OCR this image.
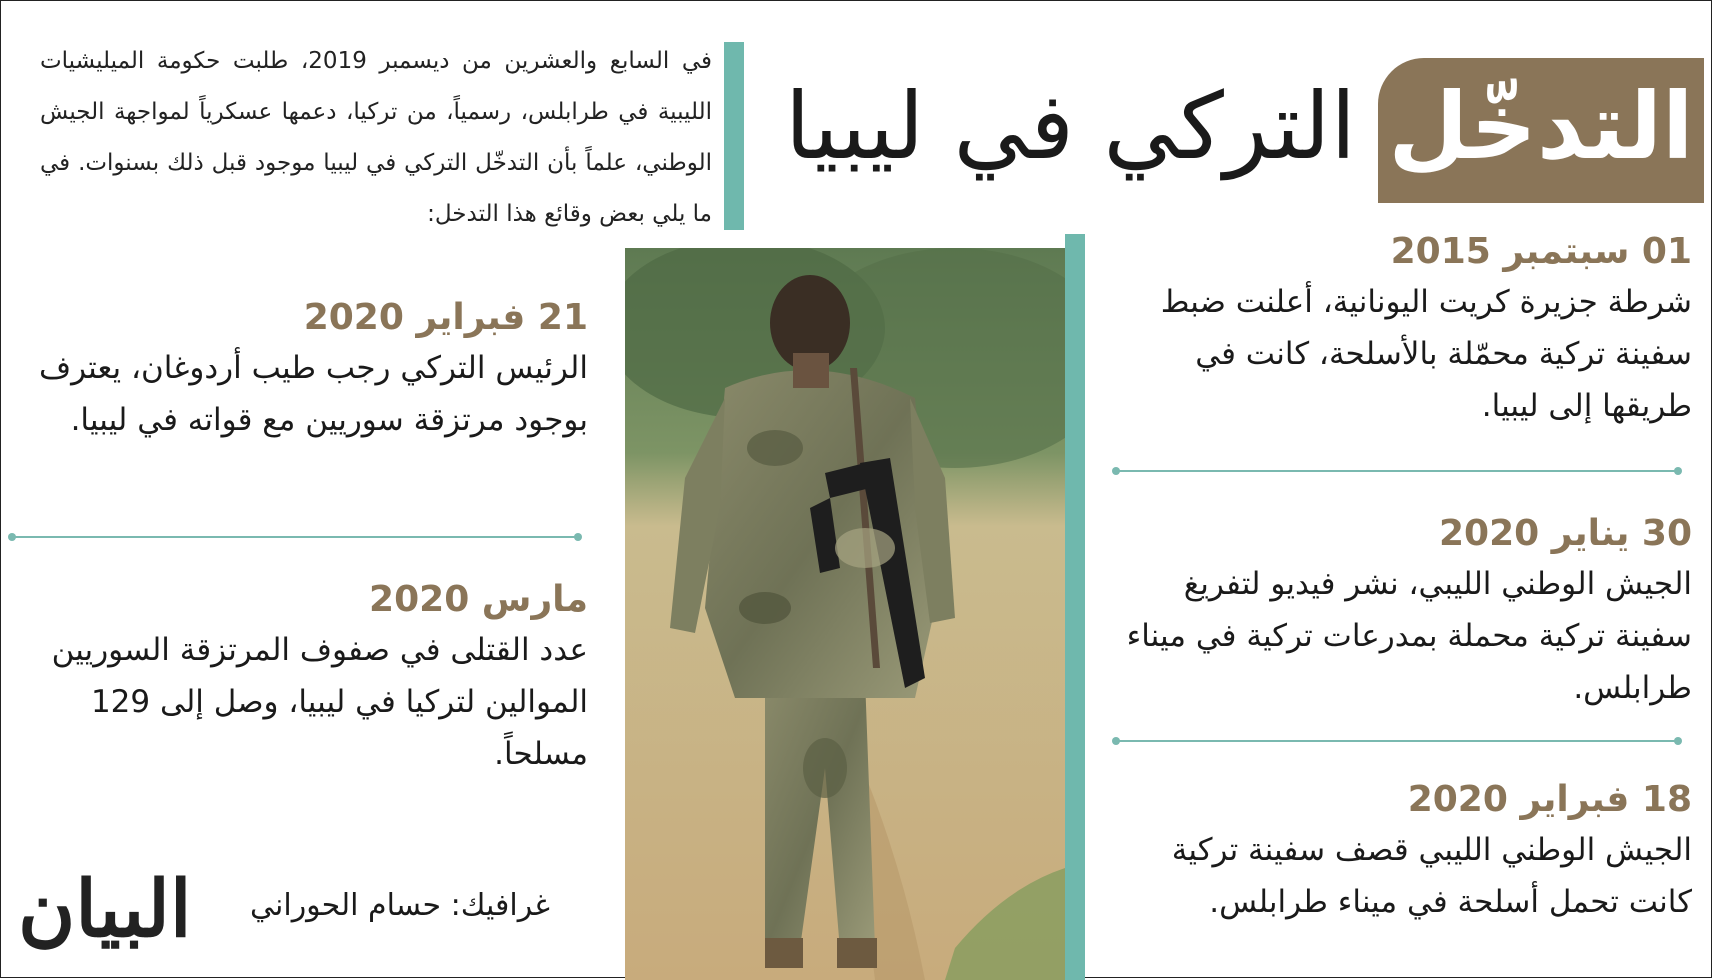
التدخّل
التركي في ليبيا
في السابع والعشرين من ديسمبر 2019، طلبت حكومة الميليشيات الليبية في طرابلس، رسمياً، من تركيا، دعمها عسكرياً لمواجهة الجيش الوطني، علماً بأن التدخّل التركي في ليبيا موجود قبل ذلك بسنوات. في ما يلي بعض وقائع هذا التدخل:
01 سبتمبر 2015
شرطة جزيرة كريت اليونانية، أعلنت ضبط سفينة تركية محمّلة بالأسلحة، كانت في طريقها إلى ليبيا.
30 يناير 2020
الجيش الوطني الليبي، نشر فيديو لتفريغ سفينة تركية محملة بمدرعات تركية في ميناء طرابلس.
18 فبراير 2020
الجيش الوطني الليبي قصف سفينة تركية كانت تحمل أسلحة في ميناء طرابلس.
21 فبراير 2020
الرئيس التركي رجب طيب أردوغان، يعترف بوجود مرتزقة سوريين مع قواته في ليبيا.
مارس 2020
عدد القتلى في صفوف المرتزقة السوريين الموالين لتركيا في ليبيا، وصل إلى 129 مسلحاً.
غرافيك: حسام الحوراني
البيان
